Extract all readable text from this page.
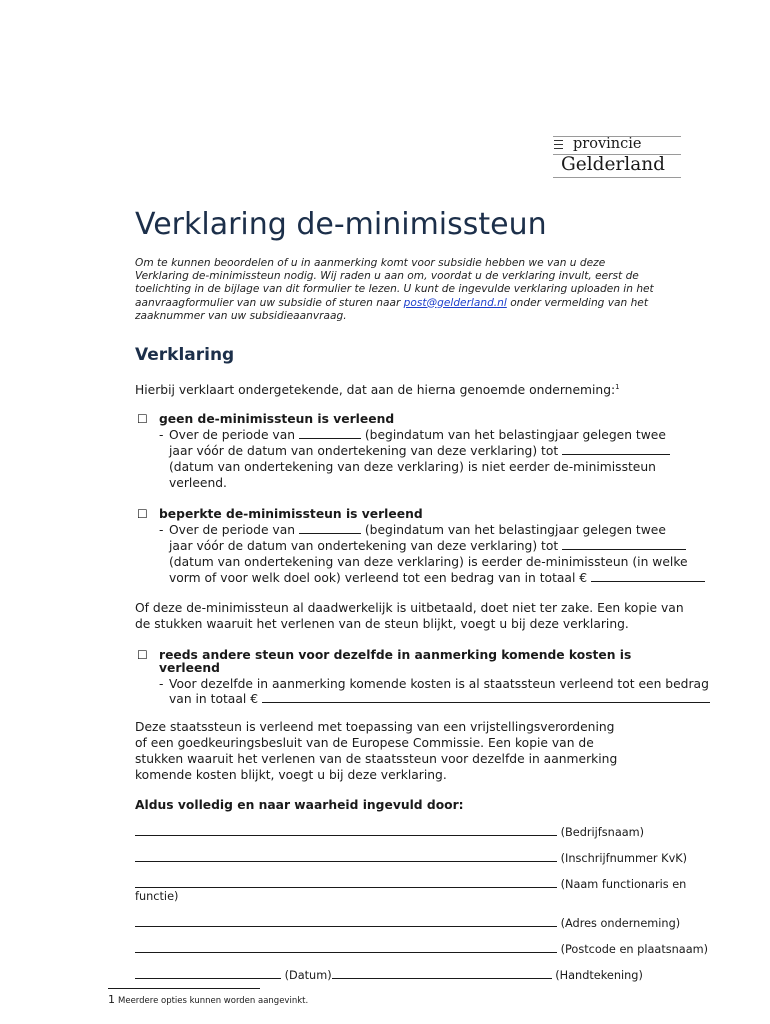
provincie
Gelderland
Verklaring de-minimissteun
Om te kunnen beoordelen of u in aanmerking komt voor subsidie hebben we van u deze
Verklaring de-minimissteun nodig. Wij raden u aan om, voordat u de verklaring invult, eerst de
toelichting in de bijlage van dit formulier te lezen. U kunt de ingevulde verklaring uploaden in het
aanvraagformulier van uw subsidie of sturen naar post@gelderland.nl onder vermelding van het
zaaknummer van uw subsidieaanvraag.
Verklaring
Hierbij verklaart ondergetekende, dat aan de hierna genoemde onderneming:$^1$
☐ geen de-minimissteun is verleend
- Over de periode van	(begindatum van het belastingjaar gelegen twee
jaar vóór de datum van ondertekening van deze verklaring) tot
(datum van ondertekening van deze verklaring) is niet eerder de-minimissteun
verleend.
☐ beperkte de-minimissteun is verleend
- Over de periode van	(begindatum van het belastingjaar gelegen twee
jaar vóór de datum van ondertekening van deze verklaring) tot
(datum van ondertekening van deze verklaring) is eerder de-minimissteun (in welke
vorm of voor welk doel ook) verleend tot een bedrag van in totaal €
Of deze de-minimissteun al daadwerkelijk is uitbetaald, doet niet ter zake. Een kopie van
de stukken waaruit het verlenen van de steun blijkt, voegt u bij deze verklaring.
☐ reeds andere steun voor dezelfde in aanmerking komende kosten is
verleend
- Voor dezelfde in aanmerking komende kosten is al staatssteun verleend tot een bedrag
van in totaal €
Deze staatssteun is verleend met toepassing van een vrijstellingsverordening
of een goedkeuringsbesluit van de Europese Commissie. Een kopie van de
stukken waaruit het verlenen van de staatssteun voor dezelfde in aanmerking
komende kosten blijkt, voegt u bij deze verklaring.
Aldus volledig en naar waarheid ingevuld door:
(Bedrijfsnaam)
(Inschrijfnummer KvK)
(Naam functionaris en
functie)
(Adres onderneming)
(Postcode en plaatsnaam)
(Datum)	(Handtekening)
1 Meerdere opties kunnen worden aangevinkt.
